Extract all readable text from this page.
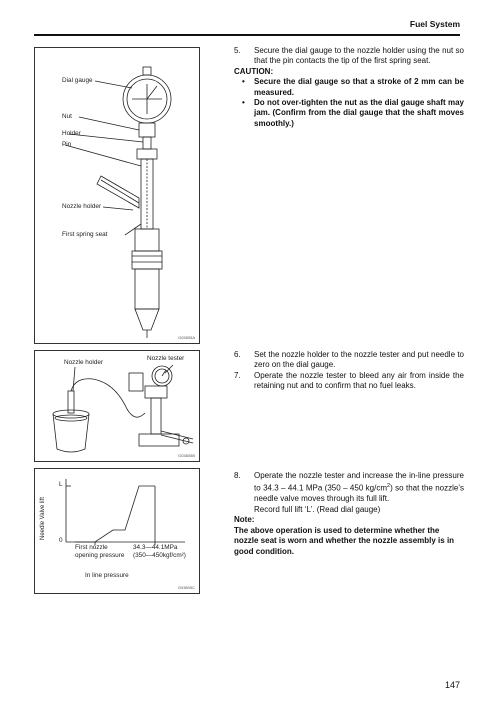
Fuel System
Dial gauge
Nut
Holder
Pin
Nozzle holder
First spring seat
G03805A
Nozzle holder
Nozzle tester
G03805B
Needle Valve lift
L
0
First nozzle
opening pressure
34.3—44.1MPa
(350—450kgf/cm²)
In line pressure
G03805C
5. Secure the dial gauge to the nozzle holder using the nut so that the pin contacts the tip of the first spring seat.
CAUTION:
• Secure the dial gauge so that a stroke of 2 mm can be measured.
• Do not over-tighten the nut as the dial gauge shaft may jam. (Confirm from the dial gauge that the shaft moves smoothly.)
6. Set the nozzle holder to the nozzle tester and put needle to zero on the dial gauge.
7. Operate the nozzle tester to bleed any air from inside the retaining nut and to confirm that no fuel leaks.
8. Operate the nozzle tester and increase the in-line pressure to 34.3 – 44.1 MPa (350 – 450 $kg/cm^2$) so that the nozzle’s needle valve moves through its full lift.
Record full lift ‘L’. (Read dial gauge)
Note:
The above operation is used to determine whether the nozzle seat is worn and whether the nozzle assembly is in good condition.
147
